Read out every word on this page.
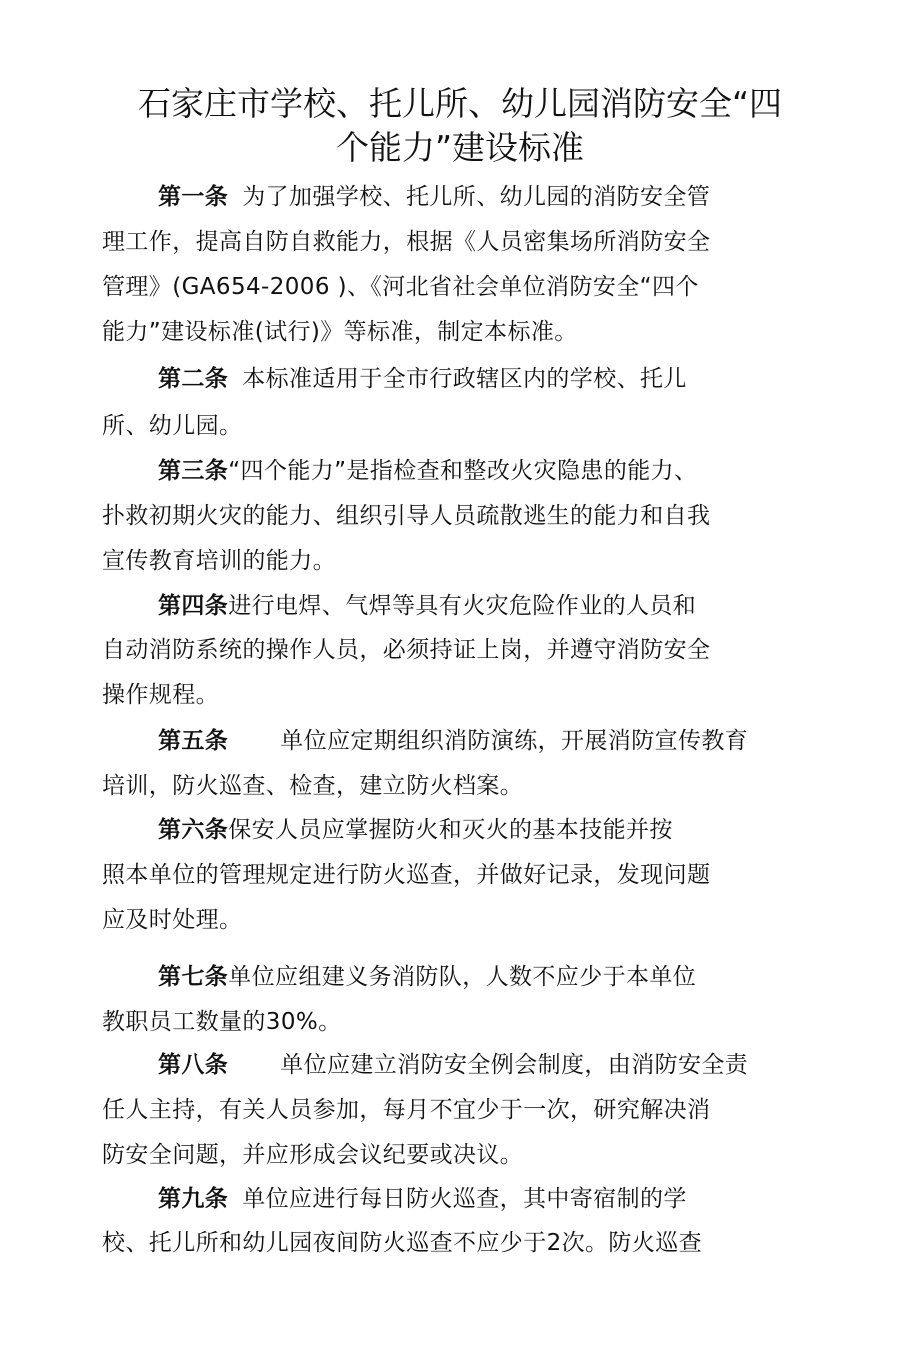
石家庄市学校、托儿所、幼儿园消防安全“四
个能力”建设标准
第一条 为了加强学校、托儿所、幼儿园的消防安全管
理工作，提高自防自救能力，根据《人员密集场所消防安全
管理》(GA654-2006 )、《河北省社会单位消防安全“四个
能力”建设标准(试行)》等标准，制定本标准。
第二条 本标准适用于全市行政辖区内的学校、托儿
所、幼儿园。
第三条“四个能力”是指检查和整改火灾隐患的能力、
扑救初期火灾的能力、组织引导人员疏散逃生的能力和自我
宣传教育培训的能力。
第四条进行电焊、气焊等具有火灾危险作业的人员和
自动消防系统的操作人员，必须持证上岗，并遵守消防安全
操作规程。
第五条 单位应定期组织消防演练，开展消防宣传教育
培训，防火巡查、检查，建立防火档案。
第六条保安人员应掌握防火和灭火的基本技能并按
照本单位的管理规定进行防火巡查，并做好记录，发现问题
应及时处理。
第七条单位应组建义务消防队，人数不应少于本单位
教职员工数量的30%。
第八条 单位应建立消防安全例会制度，由消防安全责
任人主持，有关人员参加，每月不宜少于一次，研究解决消
防安全问题，并应形成会议纪要或决议。
第九条 单位应进行每日防火巡查，其中寄宿制的学
校、托儿所和幼儿园夜间防火巡查不应少于2次。防火巡查
